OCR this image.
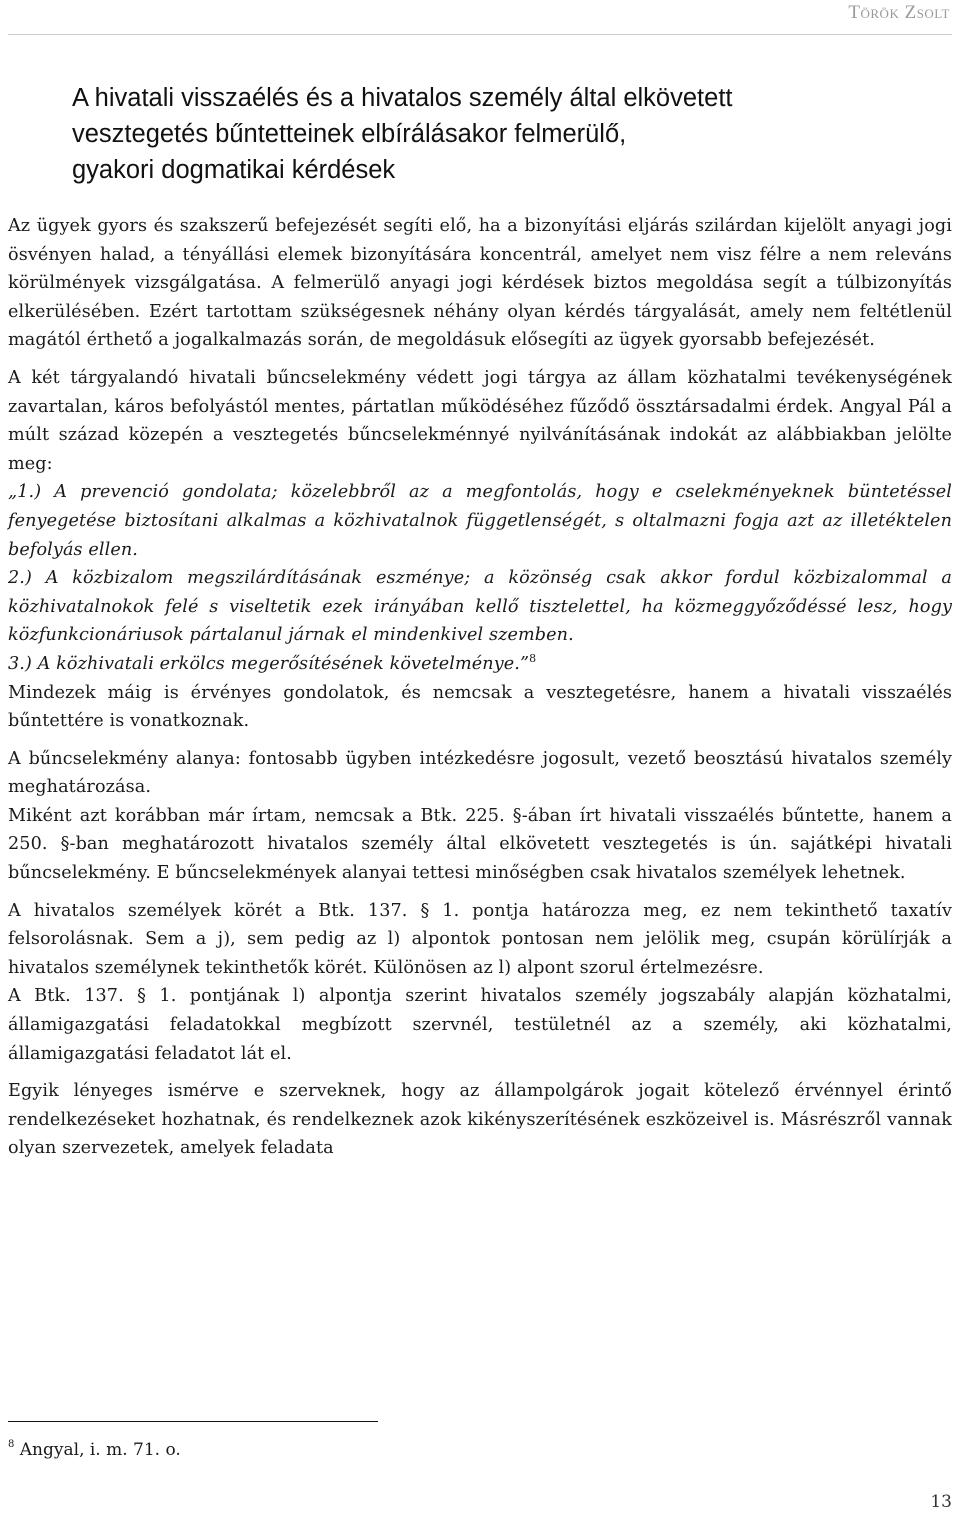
Török Zsolt
A hivatali visszaélés és a hivatalos személy által elkövetett
vesztegetés bűntetteinek elbírálásakor felmerülő,
gyakori dogmatikai kérdések

Az ügyek gyors és szakszerű befejezését segíti elő, ha a bizonyítási eljárás szilárdan kijelölt anyagi jogi ösvényen halad, a tényállási elemek bizonyítására koncentrál, amelyet nem visz félre a nem releváns körülmények vizsgálgatása. A felmerülő anyagi jogi kérdések biztos megoldása segít a túlbizonyítás elkerülésében. Ezért tartottam szükségesnek néhány olyan kérdés tárgyalását, amely nem feltétlenül magától érthető a jogalkalmazás során, de megoldásuk elősegíti az ügyek gyorsabb befejezését.

A két tárgyalandó hivatali bűncselekmény védett jogi tárgya az állam közhatalmi tevékenységének zavartalan, káros befolyástól mentes, pártatlan működéséhez fűződő össztársadalmi érdek. Angyal Pál a múlt század közepén a vesztegetés bűncselekménnyé nyilvánításának indokát az alábbiakban jelölte meg:

„1.) A prevenció gondolata; közelebbről az a megfontolás, hogy e cselekményeknek büntetéssel fenyegetése biztosítani alkalmas a közhivatalnok függetlenségét, s oltalmazni fogja azt az illetéktelen befolyás ellen.

2.) A közbizalom megszilárdításának eszménye; a közönség csak akkor fordul közbizalommal a közhivatalnokok felé s viseltetik ezek irányában kellő tisztelettel, ha közmeggyőződéssé lesz, hogy közfunkcionáriusok pártalanul járnak el mindenkivel szemben.

3.) A közhivatali erkölcs megerősítésének követelménye.”$^8$

Mindezek máig is érvényes gondolatok, és nemcsak a vesztegetésre, hanem a hivatali visszaélés bűntettére is vonatkoznak.

A bűncselekmény alanya: fontosabb ügyben intézkedésre jogosult, vezető beosztású hivatalos személy meghatározása.

Miként azt korábban már írtam, nemcsak a Btk. 225. §-ában írt hivatali visszaélés bűntette, hanem a 250. §-ban meghatározott hivatalos személy által elkövetett vesztegetés is ún. sajátképi hivatali bűncselekmény. E bűncselekmények alanyai tettesi minőségben csak hivatalos személyek lehetnek.

A hivatalos személyek körét a Btk. 137. § 1. pontja határozza meg, ez nem tekinthető taxatív felsorolásnak. Sem a j), sem pedig az l) alpontok pontosan nem jelölik meg, csupán körülírják a hivatalos személynek tekinthetők körét. Különösen az l) alpont szorul értelmezésre.

A Btk. 137. § 1. pontjának l) alpontja szerint hivatalos személy jogszabály alapján közhatalmi, államigazgatási feladatokkal megbízott szervnél, testületnél az a személy, aki közhatalmi, államigazgatási feladatot lát el.

Egyik lényeges ismérve e szerveknek, hogy az állampolgárok jogait kötelező érvénnyel érintő rendelkezéseket hozhatnak, és rendelkeznek azok kikényszerítésének eszközeivel is. Másrészről vannak olyan szervezetek, amelyek feladata

$^8$ Angyal, i. m. 71. o.
13
